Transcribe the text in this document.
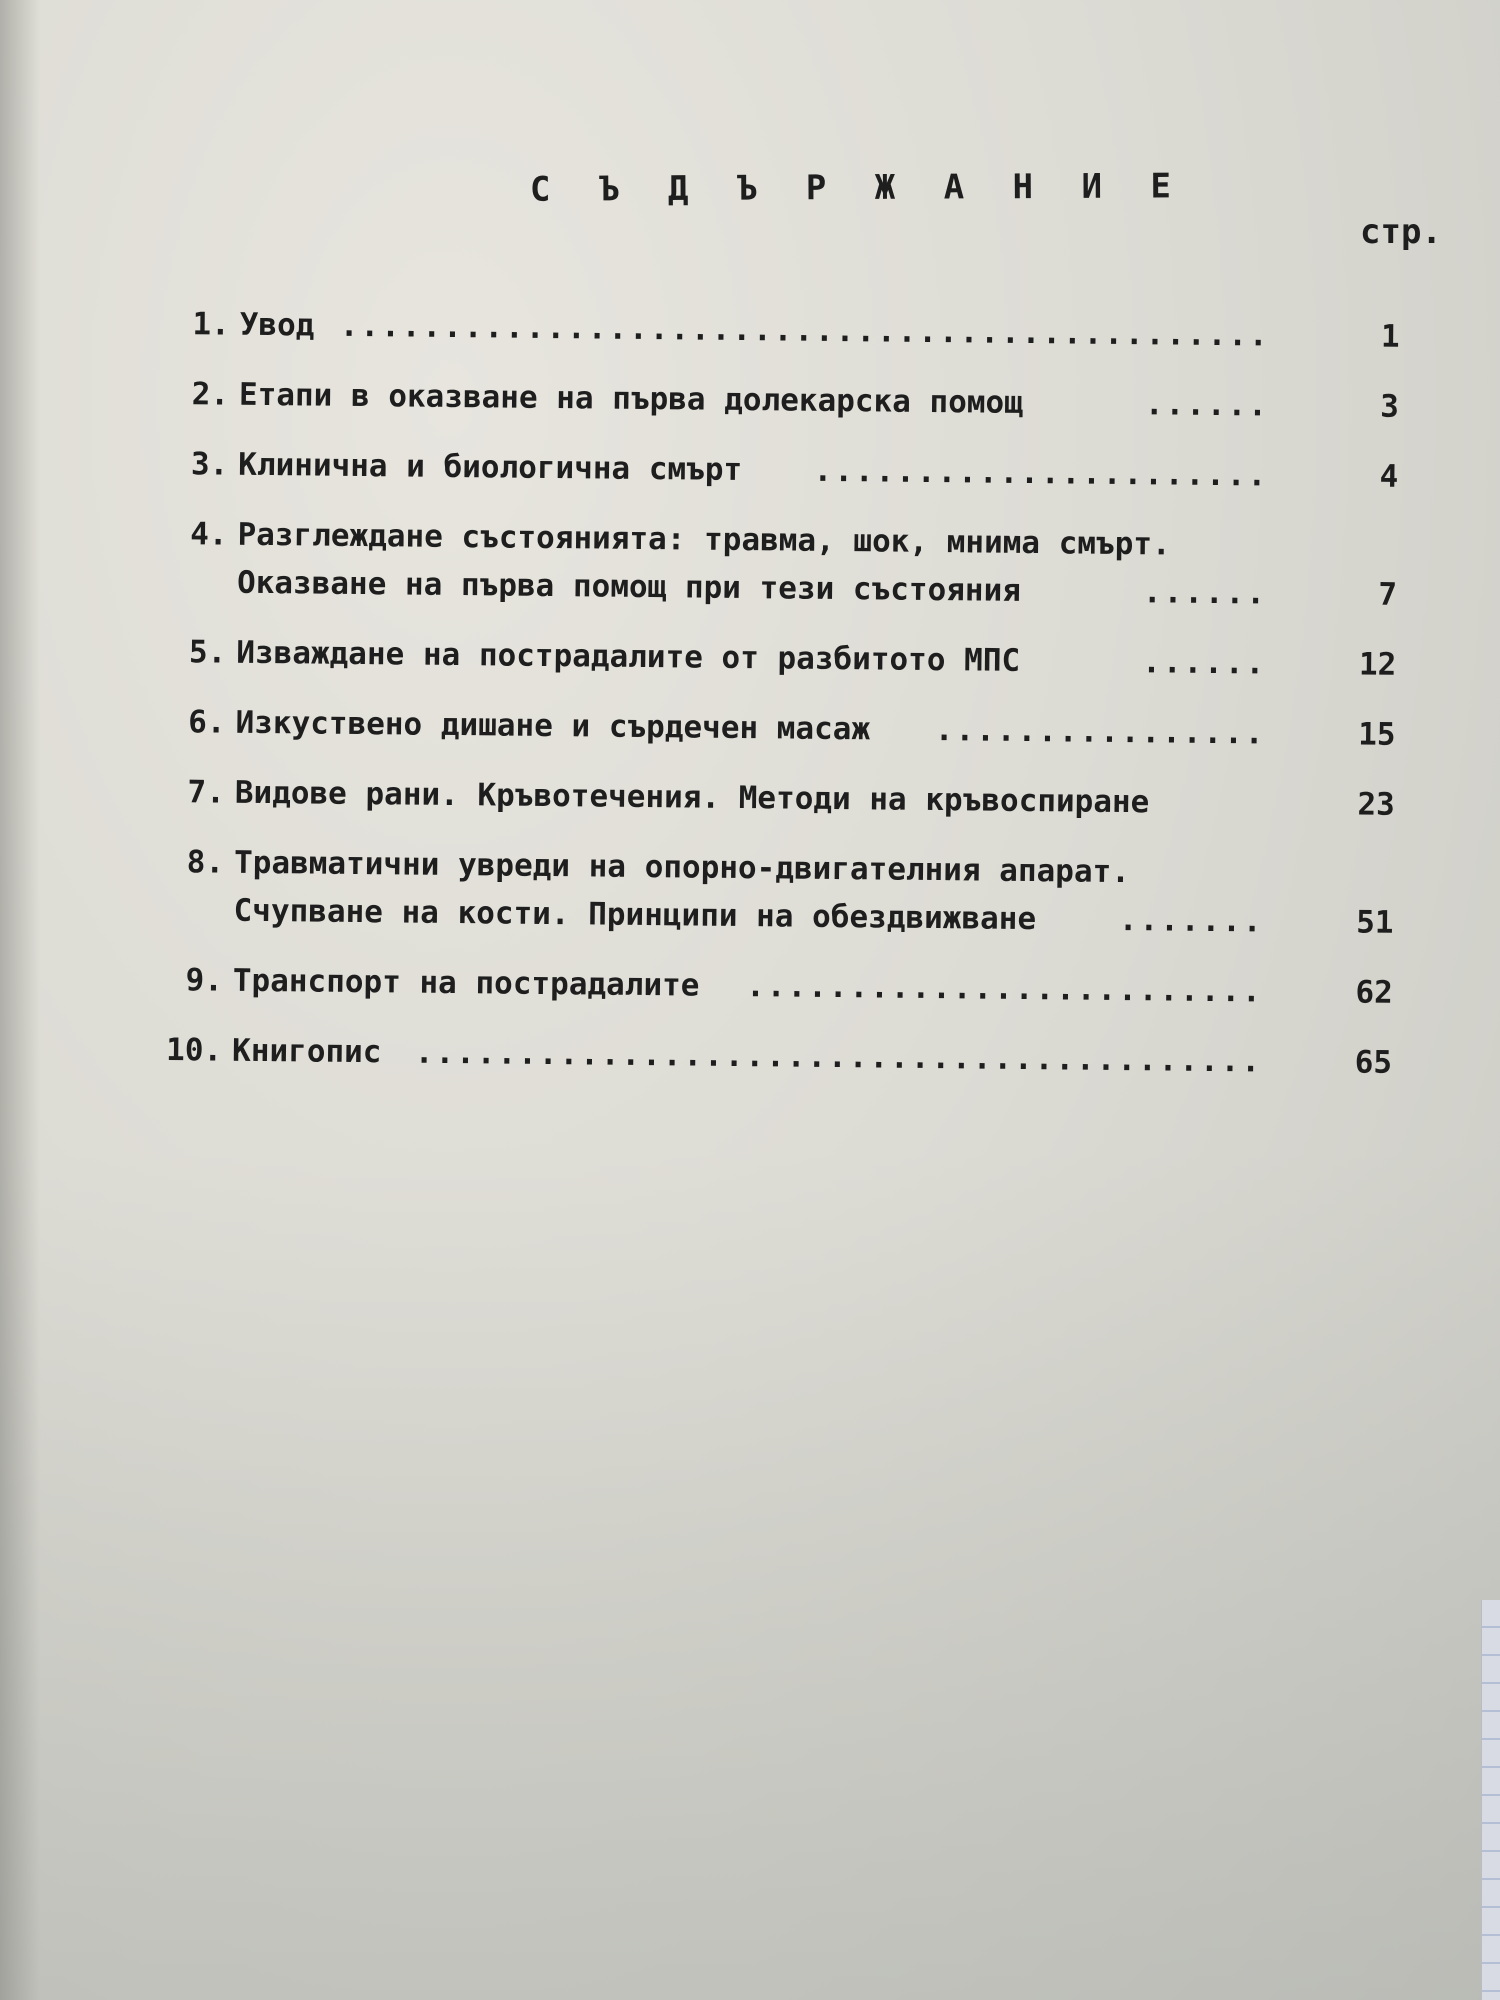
С Ъ Д Ъ Р Ж А Н И Е
стр.
1. Увод .............................................	1
2. Етапи в оказване на първа долекарска помощ	......	3
3. Клинична и биологична смърт ......................	4
4. Разглеждане състоянията: травма, шок, мнима смърт.
Оказване на първа помощ при тези състояния	......	7
5. Изваждане на пострадалите от разбитото МПС	......	12
6. Изкуствено дишане и сърдечен масаж ................	15
7. Видове рани. Кръвотечения. Методи на кръвоспиране	23
8. Травматични увреди на опорно-двигателния апарат.
Счупване на кости. Принципи на обездвижване	.......	51
9. Транспорт на пострадалите .........................	62
10. Книгопис .........................................	65
